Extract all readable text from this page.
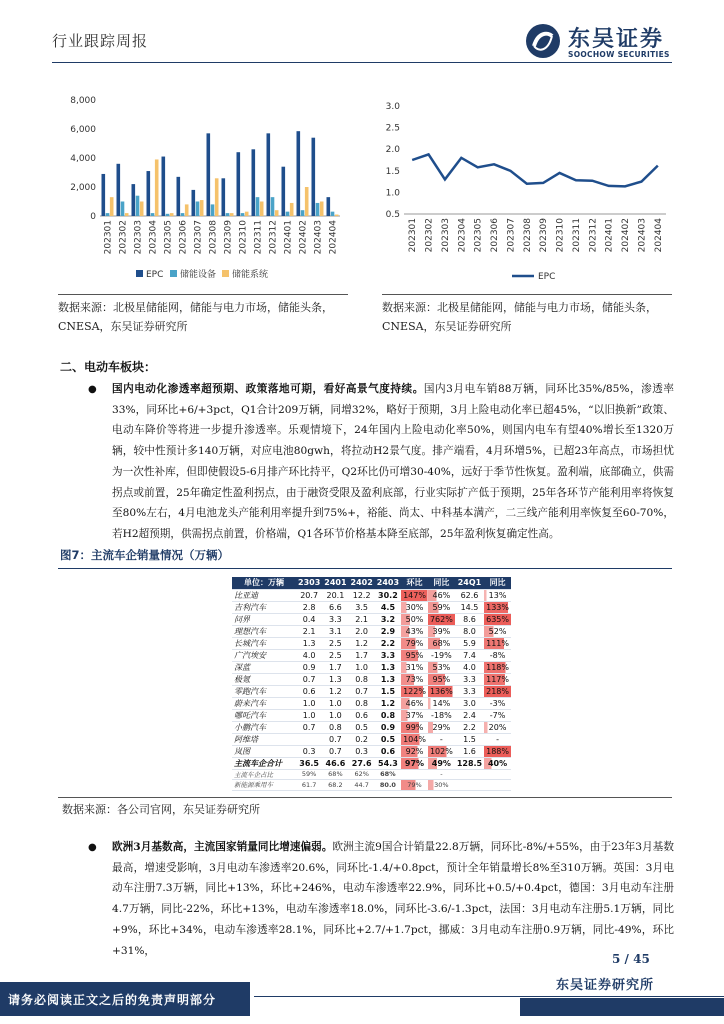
行业跟踪周报	东吴证券
SOOCHOW SECURITIES
0
2,000
4,000
6,000
8,000
202301 202302 202303 202304 202305 202306 202307 202308 202309 202310 202311 202312 202401 202402 202403 202404
EPC 储能设备 储能系统
0.5
1.0
1.5
2.0
2.5
3.0
202301 202302 202303 202304 202305 202306 202307 202308 202309 202310 202311 202312 202401 202402 202403 202404
EPC
数据来源：北极星储能网，储能与电力市场，储能头条，CNESA，东吴证券研究所
数据来源：北极星储能网，储能与电力市场，储能头条，CNESA，东吴证券研究所
二、电动车板块：
● 国内电动化渗透率超预期、政策落地可期，看好高景气度持续。国内3月电车销88万辆，同环比35%/85%，渗透率33%，同环比+6/+3pct，Q1合计209万辆，同增32%，略好于预期，3月上险电动化率已超45%，“以旧换新”政策、电动车降价等将进一步提升渗透率。乐观情境下，24年国内上险电动化率50%，则国内电车有望40%增长至1320万辆，较中性预计多140万辆，对应电池80gwh，将拉动H2景气度。排产端看，4月环增5%，已超23年高点，市场担忧为一次性补库，但即使假设5-6月排产环比持平，Q2环比仍可增30-40%，远好于季节性恢复。盈利端，底部确立，供需拐点或前置，25年确定性盈利拐点，由于融资受限及盈利底部，行业实际扩产低于预期，25年各环节产能利用率将恢复至80%左右，4月电池龙头产能利用率提升到75%+，裕能、尚太、中科基本满产，二三线产能利用率恢复至60-70%，若H2超预期，供需拐点前置，价格端，Q1各环节价格基本降至底部，25年盈利恢复确定性高。
图7：主流车企销量情况（万辆）
单位：万辆	2303	2401	2402	2403	环比	同比	24Q1	同比
比亚迪	20.7	20.1	12.2	30.2	147%	46%	62.6	13%
吉利汽车	2.8	6.6	3.5	4.5	30%	59%	14.5	133%
问界	0.4	3.3	2.1	3.2	50%	762%	8.6	635%
理想汽车	2.1	3.1	2.0	2.9	43%	39%	8.0	52%
长城汽车	1.3	2.5	1.2	2.2	79%	68%	5.9	111%
广汽埃安	4.0	2.5	1.7	3.3	95%	-19%	7.4	-8%
深蓝	0.9	1.7	1.0	1.3	31%	53%	4.0	118%
极氪	0.7	1.3	0.8	1.3	73%	95%	3.3	117%
零跑汽车	0.6	1.2	0.7	1.5	122%	136%	3.3	218%
蔚来汽车	1.0	1.0	0.8	1.2	46%	14%	3.0	-3%
哪吒汽车	1.0	1.0	0.6	0.8	37%	-18%	2.4	-7%
小鹏汽车	0.7	0.8	0.5	0.9	99%	29%	2.2	20%
阿维塔		0.7	0.2	0.5	104%	-	1.5	-
岚图	0.3	0.7	0.3	0.6	92%	102%	1.6	188%
主流车企合计	36.5	46.6	27.6	54.3	97%	49%	128.5	40%
主流车企占比	59%	68%	62%	68%		-		
新能源乘用车	61.7	68.2	44.7	80.0	79%	30%		
数据来源：各公司官网，东吴证券研究所
● 欧洲3月基数高，主流国家销量同比增速偏弱。欧洲主流9国合计销量22.8万辆，同环比-8%/+55%，由于23年3月基数最高，增速受影响，3月电动车渗透率20.6%，同环比-1.4/+0.8pct，预计全年销量增长8%至310万辆。英国：3月电动车注册7.3万辆，同比+13%，环比+246%，电动车渗透率22.9%，同环比+0.5/+0.4pct，德国：3月电动车注册4.7万辆，同比-22%，环比+13%，电动车渗透率18.0%，同环比-3.6/-1.3pct，法国：3月电动车注册5.1万辆，同比+9%，环比+34%，电动车渗透率28.1%，同环比+2.7/+1.7pct，挪威：3月电动车注册0.9万辆，同比-49%，环比+31%，
5 / 45
东吴证券研究所
请务必阅读正文之后的免责声明部分
